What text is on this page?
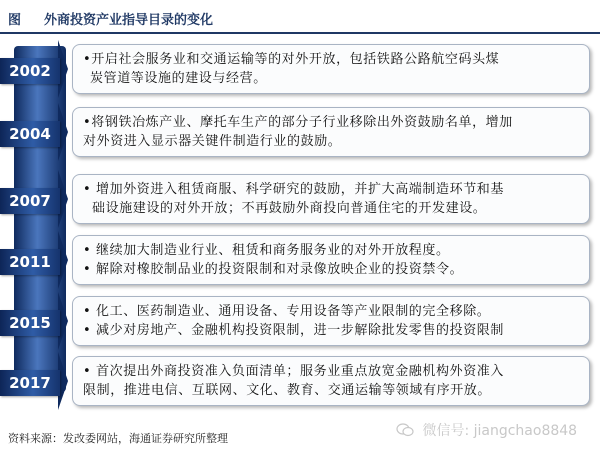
图 外商投资产业指导目录的变化
2002
•开启社会服务业和交通运输等的对外开放，包括铁路公路航空码头煤
炭管道等设施的建设与经营。
2004
•将钢铁冶炼产业、摩托车生产的部分子行业移除出外资鼓励名单，增加
对外资进入显示器关键件制造行业的鼓励。
2007
• 增加外资进入租赁商服、科学研究的鼓励，并扩大高端制造环节和基
础设施建设的对外开放；不再鼓励外商投向普通住宅的开发建设。
2011
• 继续加大制造业行业、租赁和商务服务业的对外开放程度。
• 解除对橡胶制品业的投资限制和对录像放映企业的投资禁令。
2015
• 化工、医药制造业、通用设备、专用设备等产业限制的完全移除。
• 减少对房地产、金融机构投资限制，进一步解除批发零售的投资限制
2017
• 首次提出外商投资准入负面清单；服务业重点放宽金融机构外资准入
限制，推进电信、互联网、文化、教育、交通运输等领域有序开放。
资料来源：发改委网站，海通证券研究所整理	微信号: jiangchao8848
